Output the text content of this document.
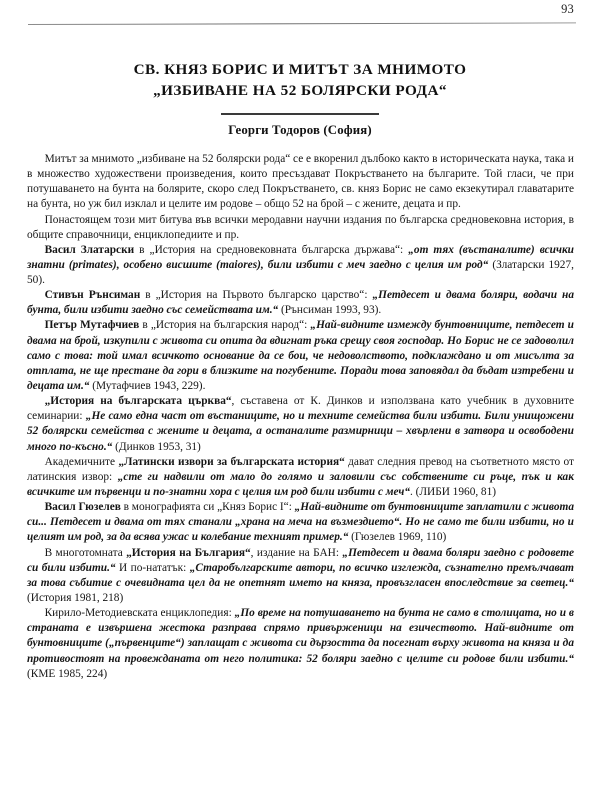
93
СВ. КНЯЗ БОРИС И МИТЪТ ЗА МНИМОТО
„ИЗБИВАНЕ НА 52 БОЛЯРСКИ РОДА“
Георги Тодоров (София)

Митът за мнимото „избиване на 52 болярски рода“ се е вкоренил дълбоко както в историческата наука, така и в множество художествени произведения, които пресъздават Покръстването на българите. Той гласи, че при потушаването на бунта на болярите, скоро след Покръстването, св. княз Борис не само екзекутирал главатарите на бунта, но уж бил изклал и целите им родове – общо 52 на брой – с жените, децата и пр.

Понастоящем този мит битува във всички меродавни научни издания по българска средновековна история, в общите справочници, енциклопедиите и пр.

Васил Златарски в „История на средновековната българска държава“: „от тях (въстаналите) всички знатни (primates), особено висшите (maiores), били избити с меч заедно с целия им род“ (Златарски 1927, 50).

Стивън Рънсиман в „История на Първото българско царство“: „Петдесет и двама боляри, водачи на бунта, били избити заедно със семействата им.“ (Рънсиман 1993, 93).

Петър Мутафчиев в „История на българския народ“: „Най-видните измежду бунтовниците, петдесет и двама на брой, изкупили с живота си опита да вдигнат ръка срещу своя господар. Но Борис не се задоволил само с това: той имал всичкото основание да се бои, че недоволството, подклаждано и от мисълта за отплата, не ще престане да гори в близките на погубените. Поради това заповядал да бъдат изтребени и децата им.“ (Мутафчиев 1943, 229).

„История на българската църква“, съставена от К. Динков и използвана като учебник в духовните семинарии: „Не само една част от въстаниците, но и техните семейства били избити. Били унищожени 52 болярски семейства с жените и децата, а останалите размирници – хвърлени в затвора и освободени много по-късно.“ (Динков 1953, 31)

Академичните „Латински извори за българската история“ дават следния превод на съответното място от латинския извор: „сте ги надвили от мало до голямо и заловили със собствените си ръце, пък и как всичките им първенци и по-знатни хора с целия им род били избити с меч“. (ЛИБИ 1960, 81)

Васил Гюзелев в монографията си „Княз Борис I“: „Най-видните от бунтовниците заплатили с живота си... Петдесет и двама от тях станали „храна на меча на възмездието“. Но не само те били избити, но и целият им род, за да всява ужас и колебание техният пример.“ (Гюзелев 1969, 110)

В многотомната „История на България“, издание на БАН: „Петдесет и двама боляри заедно с родовете си били избити.“ И по-нататък: „Старобългарските автори, по всичко изглежда, съзнателно премълчават за това събитие с очевидната цел да не опетнят името на княза, провъзгласен впоследствие за светец.“ (История 1981, 218)

Кирило-Методиевската енциклопедия: „По време на потушаването на бунта не само в столицата, но и в страната е извършена жестока разправа спрямо привърженици на езичеството. Най-видните от бунтовниците („първенците“) заплащат с живота си дързостта да посегнат върху живота на княза и да противостоят на провежданата от него политика: 52 боляри заедно с целите си родове били избити.“ (КМЕ 1985, 224)
